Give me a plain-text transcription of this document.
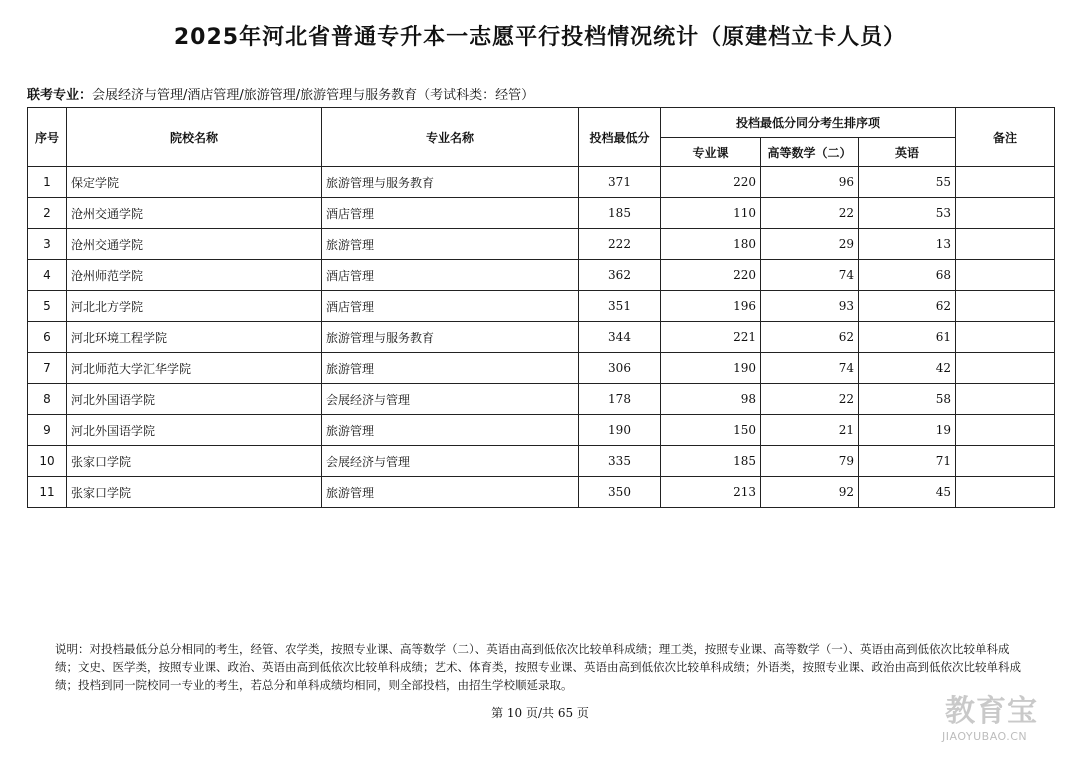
2025年河北省普通专升本一志愿平行投档情况统计（原建档立卡人员）
联考专业：会展经济与管理/酒店管理/旅游管理/旅游管理与服务教育（考试科类：经管）
序号	院校名称	专业名称	投档最低分	投档最低分同分考生排序项			备注
				专业课	高等数学（二）	英语	
1	保定学院	旅游管理与服务教育	371	220	96	55	
2	沧州交通学院	酒店管理	185	110	22	53	
3	沧州交通学院	旅游管理	222	180	29	13	
4	沧州师范学院	酒店管理	362	220	74	68	
5	河北北方学院	酒店管理	351	196	93	62	
6	河北环境工程学院	旅游管理与服务教育	344	221	62	61	
7	河北师范大学汇华学院	旅游管理	306	190	74	42	
8	河北外国语学院	会展经济与管理	178	98	22	58	
9	河北外国语学院	旅游管理	190	150	21	19	
10	张家口学院	会展经济与管理	335	185	79	71	
11	张家口学院	旅游管理	350	213	92	45	
说明：对投档最低分总分相同的考生，经管、农学类，按照专业课、高等数学（二）、英语由高到低依次比较单科成绩；理工类，按照专业课、高等数学（一）、英语由高到低依次比较单科成绩；文史、医学类，按照专业课、政治、英语由高到低依次比较单科成绩；艺术、体育类，按照专业课、英语由高到低依次比较单科成绩；外语类，按照专业课、政治由高到低依次比较单科成绩；投档到同一院校同一专业的考生，若总分和单科成绩均相同，则全部投档，由招生学校顺延录取。
第 10 页/共 65 页	教育宝
JIAOYUBAO.CN
